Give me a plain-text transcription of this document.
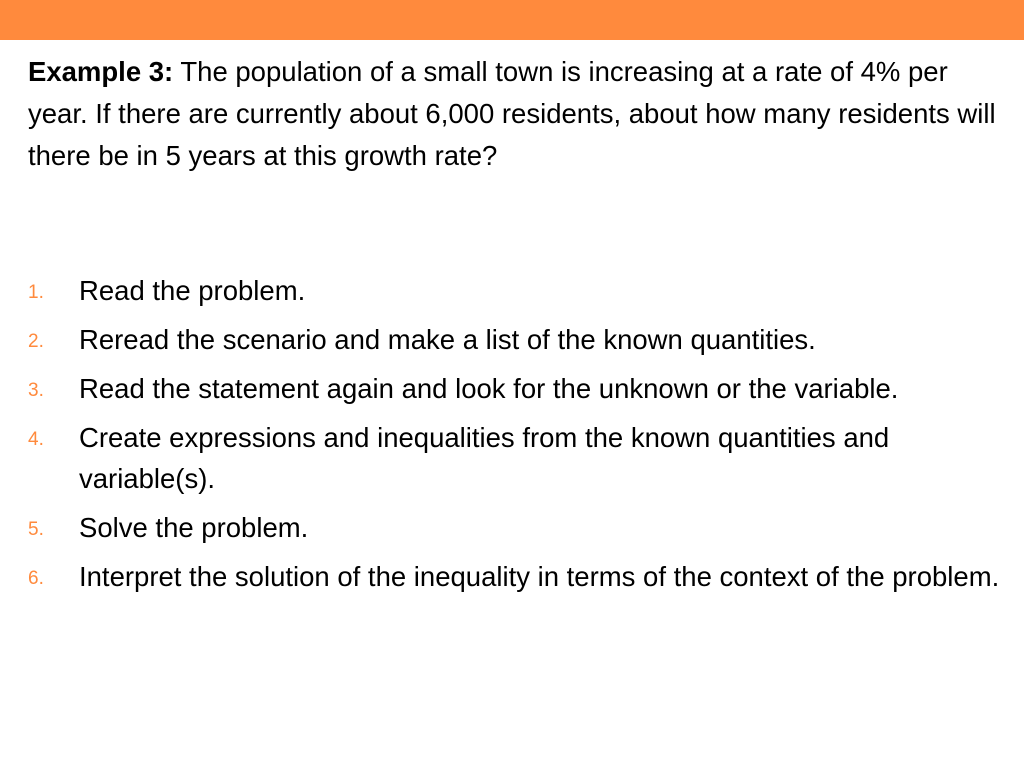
Example 3: The population of a small town is increasing at a rate of 4% per year. If there are currently about 6,000 residents, about how many residents will there be in 5 years at this growth rate?

1. Read the problem.
2. Reread the scenario and make a list of the known quantities.
3. Read the statement again and look for the unknown or the variable.
4. Create expressions and inequalities from the known quantities and variable(s).
5. Solve the problem.
6. Interpret the solution of the inequality in terms of the context of the problem.
